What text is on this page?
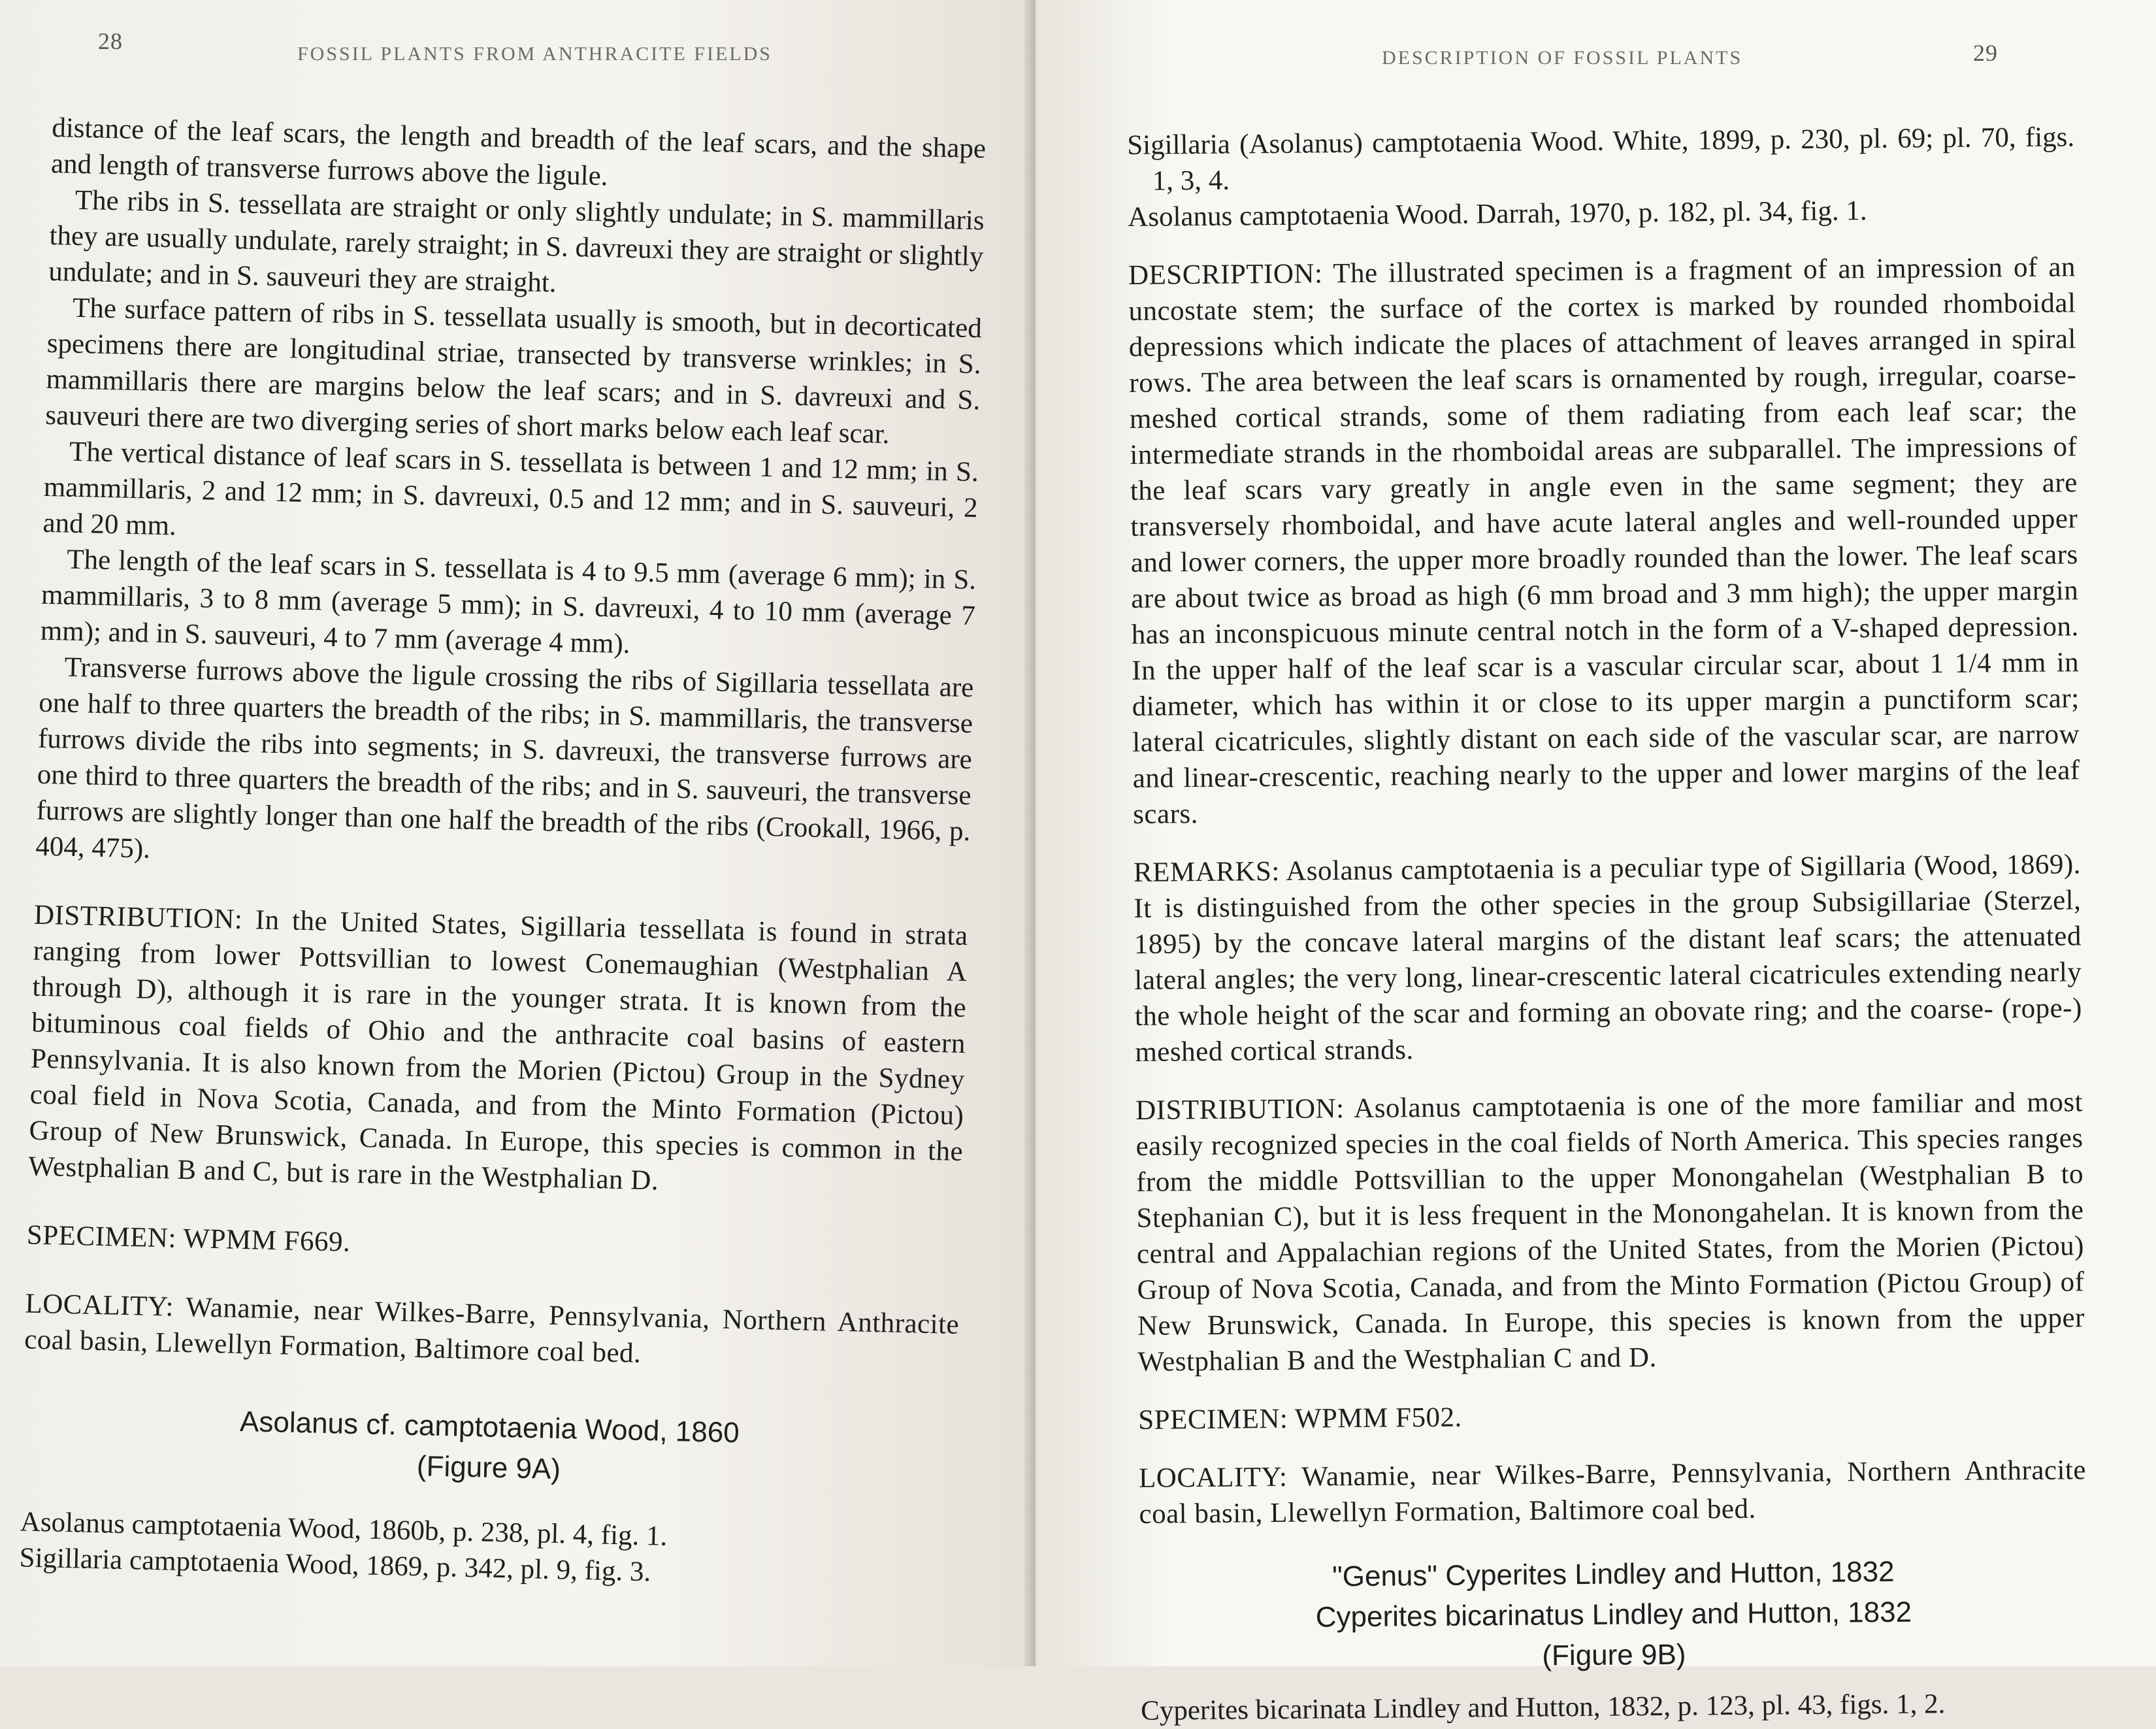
28	FOSSIL PLANTS FROM ANTHRACITE FIELDS

distance of the leaf scars, the length and breadth of the leaf scars, and the shape and length of transverse furrows above the ligule.

The ribs in S. tessellata are straight or only slightly undulate; in S. mammillaris they are usually undulate, rarely straight; in S. davreuxi they are straight or slightly undulate; and in S. sauveuri they are straight.

The surface pattern of ribs in S. tessellata usually is smooth, but in decorticated specimens there are longitudinal striae, transected by transverse wrinkles; in S. mammillaris there are margins below the leaf scars; and in S. davreuxi and S. sauveuri there are two diverging series of short marks below each leaf scar.

The vertical distance of leaf scars in S. tessellata is between 1 and 12 mm; in S. mammillaris, 2 and 12 mm; in S. davreuxi, 0.5 and 12 mm; and in S. sauveuri, 2 and 20 mm.

The length of the leaf scars in S. tessellata is 4 to 9.5 mm (average 6 mm); in S. mammillaris, 3 to 8 mm (average 5 mm); in S. davreuxi, 4 to 10 mm (average 7 mm); and in S. sauveuri, 4 to 7 mm (average 4 mm).

Transverse furrows above the ligule crossing the ribs of Sigillaria tessellata are one half to three quarters the breadth of the ribs; in S. mammillaris, the transverse furrows divide the ribs into segments; in S. davreuxi, the transverse furrows are one third to three quarters the breadth of the ribs; and in S. sauveuri, the transverse furrows are slightly longer than one half the breadth of the ribs (Crookall, 1966, p. 404, 475).

DISTRIBUTION: In the United States, Sigillaria tessellata is found in strata ranging from lower Pottsvillian to lowest Conemaughian (Westphalian A through D), although it is rare in the younger strata. It is known from the bituminous coal fields of Ohio and the anthracite coal basins of eastern Pennsylvania. It is also known from the Morien (Pictou) Group in the Sydney coal field in Nova Scotia, Canada, and from the Minto Formation (Pictou) Group of New Brunswick, Canada. In Europe, this species is common in the Westphalian B and C, but is rare in the Westphalian D.

SPECIMEN: WPMM F669.

LOCALITY: Wanamie, near Wilkes-Barre, Pennsylvania, Northern Anthracite coal basin, Llewellyn Formation, Baltimore coal bed.

Asolanus cf. camptotaenia Wood, 1860
(Figure 9A)

Asolanus camptotaenia Wood, 1860b, p. 238, pl. 4, fig. 1.

Sigillaria camptotaenia Wood, 1869, p. 342, pl. 9, fig. 3.

DESCRIPTION OF FOSSIL PLANTS	29

Sigillaria (Asolanus) camptotaenia Wood. White, 1899, p. 230, pl. 69; pl. 70, figs. 1, 3, 4.

Asolanus camptotaenia Wood. Darrah, 1970, p. 182, pl. 34, fig. 1.

DESCRIPTION: The illustrated specimen is a fragment of an impression of an uncostate stem; the surface of the cortex is marked by rounded rhomboidal depressions which indicate the places of attachment of leaves arranged in spiral rows. The area between the leaf scars is ornamented by rough, irregular, coarse-meshed cortical strands, some of them radiating from each leaf scar; the intermediate strands in the rhomboidal areas are subparallel. The impressions of the leaf scars vary greatly in angle even in the same segment; they are transversely rhomboidal, and have acute lateral angles and well-rounded upper and lower corners, the upper more broadly rounded than the lower. The leaf scars are about twice as broad as high (6 mm broad and 3 mm high); the upper margin has an inconspicuous minute central notch in the form of a V-shaped depression. In the upper half of the leaf scar is a vascular circular scar, about 1 1/4 mm in diameter, which has within it or close to its upper margin a punctiform scar; lateral cicatricules, slightly distant on each side of the vascular scar, are narrow and linear-crescentic, reaching nearly to the upper and lower margins of the leaf scars.

REMARKS: Asolanus camptotaenia is a peculiar type of Sigillaria (Wood, 1869). It is distinguished from the other species in the group Subsigillariae (Sterzel, 1895) by the concave lateral margins of the distant leaf scars; the attenuated lateral angles; the very long, linear-crescentic lateral cicatricules extending nearly the whole height of the scar and forming an obovate ring; and the coarse- (rope-) meshed cortical strands.

DISTRIBUTION: Asolanus camptotaenia is one of the more familiar and most easily recognized species in the coal fields of North America. This species ranges from the middle Pottsvillian to the upper Monongahelan (Westphalian B to Stephanian C), but it is less frequent in the Monongahelan. It is known from the central and Appalachian regions of the United States, from the Morien (Pictou) Group of Nova Scotia, Canada, and from the Minto Formation (Pictou Group) of New Brunswick, Canada. In Europe, this species is known from the upper Westphalian B and the Westphalian C and D.

SPECIMEN: WPMM F502.

LOCALITY: Wanamie, near Wilkes-Barre, Pennsylvania, Northern Anthracite coal basin, Llewellyn Formation, Baltimore coal bed.

"Genus" Cyperites Lindley and Hutton, 1832
Cyperites bicarinatus Lindley and Hutton, 1832
(Figure 9B)

Cyperites bicarinata Lindley and Hutton, 1832, p. 123, pl. 43, figs. 1, 2.
